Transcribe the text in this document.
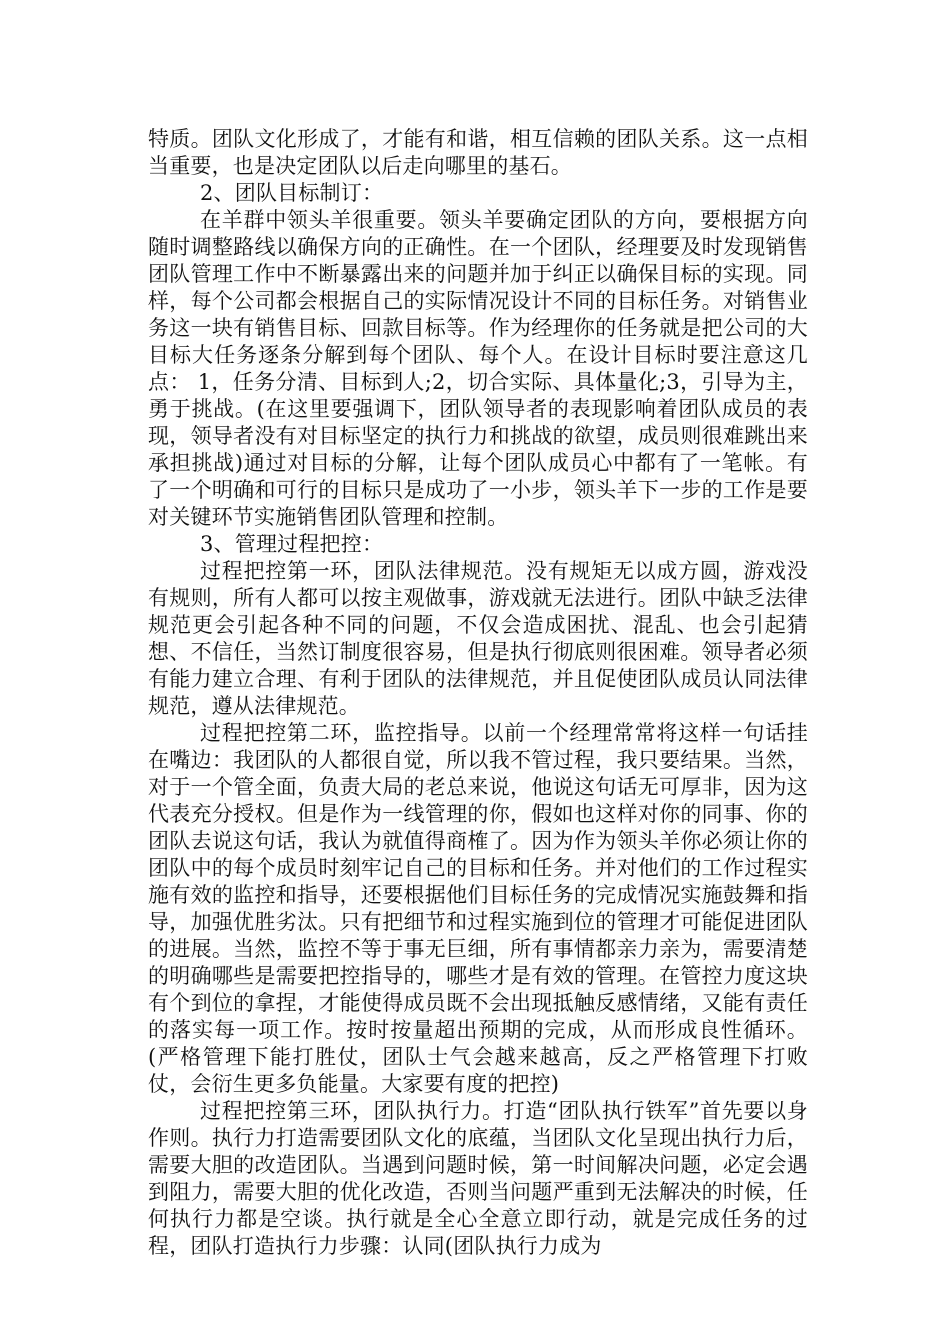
特质。团队文化形成了，才能有和谐，相互信赖的团队关系。这一点相当重要，也是决定团队以后走向哪里的基石。

2、团队目标制订：

在羊群中领头羊很重要。领头羊要确定团队的方向，要根据方向随时调整路线以确保方向的正确性。在一个团队，经理要及时发现销售团队管理工作中不断暴露出来的问题并加于纠正以确保目标的实现。同样，每个公司都会根据自己的实际情况设计不同的目标任务。对销售业务这一块有销售目标、回款目标等。作为经理你的任务就是把公司的大目标大任务逐条分解到每个团队、每个人。在设计目标时要注意这几点： 1，任务分清、目标到人;2，切合实际、具体量化;3，引导为主，勇于挑战。(在这里要强调下，团队领导者的表现影响着团队成员的表现，领导者没有对目标坚定的执行力和挑战的欲望，成员则很难跳出来承担挑战)通过对目标的分解，让每个团队成员心中都有了一笔帐。有了一个明确和可行的目标只是成功了一小步，领头羊下一步的工作是要对关键环节实施销售团队管理和控制。

3、管理过程把控：

过程把控第一环，团队法律规范。没有规矩无以成方圆，游戏没有规则，所有人都可以按主观做事，游戏就无法进行。团队中缺乏法律规范更会引起各种不同的问题，不仅会造成困扰、混乱、也会引起猜想、不信任，当然订制度很容易，但是执行彻底则很困难。领导者必须有能力建立合理、有利于团队的法律规范，并且促使团队成员认同法律规范，遵从法律规范。

过程把控第二环，监控指导。以前一个经理常常将这样一句话挂在嘴边：我团队的人都很自觉，所以我不管过程，我只要结果。当然，对于一个管全面，负责大局的老总来说，他说这句话无可厚非，因为这代表充分授权。但是作为一线管理的你，假如也这样对你的同事、你的团队去说这句话，我认为就值得商榷了。因为作为领头羊你必须让你的团队中的每个成员时刻牢记自己的目标和任务。并对他们的工作过程实施有效的监控和指导，还要根据他们目标任务的完成情况实施鼓舞和指导，加强优胜劣汰。只有把细节和过程实施到位的管理才可能促进团队的进展。当然，监控不等于事无巨细，所有事情都亲力亲为，需要清楚的明确哪些是需要把控指导的，哪些才是有效的管理。在管控力度这块有个到位的拿捏，才能使得成员既不会出现抵触反感情绪，又能有责任的落实每一项工作。按时按量超出预期的完成，从而形成良性循环。(严格管理下能打胜仗，团队士气会越来越高，反之严格管理下打败仗，会衍生更多负能量。大家要有度的把控)

过程把控第三环，团队执行力。打造“团队执行铁军”首先要以身作则。执行力打造需要团队文化的底蕴，当团队文化呈现出执行力后，需要大胆的改造团队。当遇到问题时候，第一时间解决问题，必定会遇到阻力，需要大胆的优化改造，否则当问题严重到无法解决的时候，任何执行力都是空谈。执行就是全心全意立即行动，就是完成任务的过程，团队打造执行力步骤：认同(团队执行力成为
